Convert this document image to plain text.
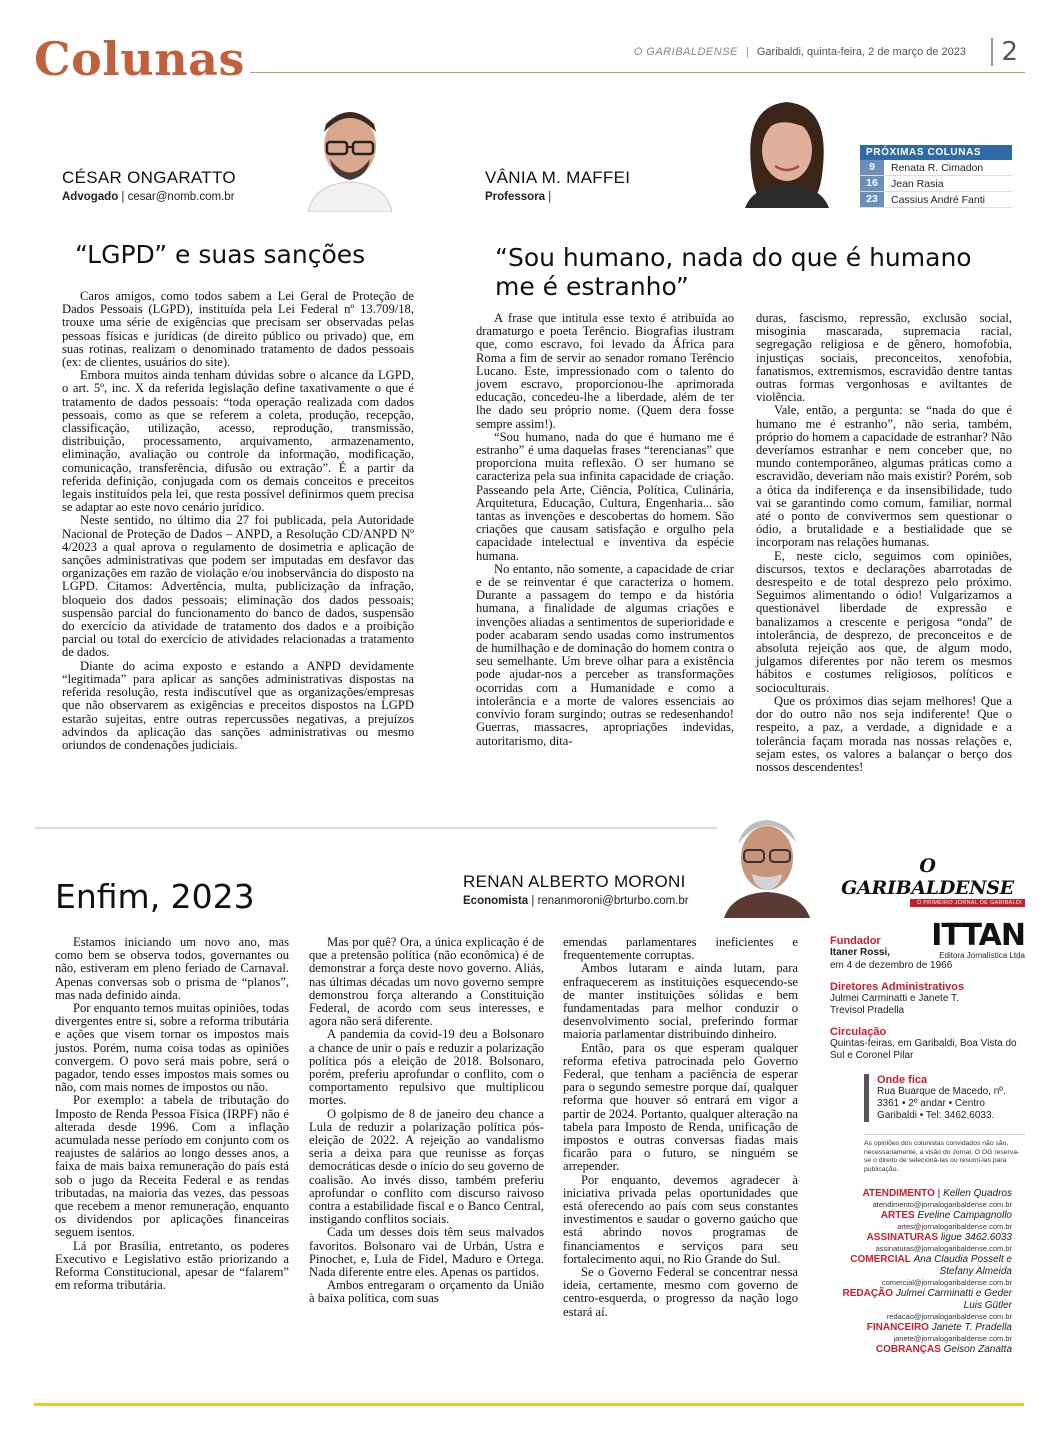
Colunas	O GARIBALDENSE | Garibaldi, quinta-feira, 2 de março de 2023	2
CÉSAR ONGARATTO
Advogado | cesar@nomb.com.br
“LGPD” e suas sanções

Caros amigos, como todos sabem a Lei Geral de Proteção de Dados Pessoais (LGPD), instituída pela Lei Federal nº 13.709/18, trouxe uma série de exigências que precisam ser observadas pelas pessoas físicas e jurídicas (de direito público ou privado) que, em suas rotinas, realizam o denominado tratamento de dados pessoais (ex: de clientes, usuários do site).

Embora muitos ainda tenham dúvidas sobre o alcance da LGPD, o art. 5º, inc. X da referida legislação define taxativamente o que é tratamento de dados pessoais: “toda operação realizada com dados pessoais, como as que se referem a coleta, produção, recepção, classificação, utilização, acesso, reprodução, transmissão, distribuição, processamento, arquivamento, armazenamento, eliminação, avaliação ou controle da informação, modificação, comunicação, transferência, difusão ou extração”. É a partir da referida definição, conjugada com os demais conceitos e preceitos legais instituídos pela lei, que resta possível definirmos quem precisa se adaptar ao este novo cenário jurídico.

Neste sentido, no último dia 27 foi publicada, pela Autoridade Nacional de Proteção de Dados – ANPD, a Resolução CD/ANPD Nº 4/2023 a qual aprova o regulamento de dosimetria e aplicação de sanções administrativas que podem ser imputadas em desfavor das organizações em razão de violação e/ou inobservância do disposto na LGPD. Citamos: Advertência, multa, publicização da infração, bloqueio dos dados pessoais; eliminação dos dados pessoais; suspensão parcial do funcionamento do banco de dados, suspensão do exercício da atividade de tratamento dos dados e a proibição parcial ou total do exercício de atividades relacionadas a tratamento de dados.

Diante do acima exposto e estando a ANPD devidamente “legitimada” para aplicar as sanções administrativas dispostas na referida resolução, resta indiscutível que as organizações/empresas que não observarem as exigências e preceitos dispostos na LGPD estarão sujeitas, entre outras repercussões negativas, a prejuízos advindos da aplicação das sanções administrativas ou mesmo oriundos de condenações judiciais.

VÂNIA M. MAFFEI
Professora |
“Sou humano, nada do que é humano
me é estranho”

A frase que intitula esse texto é atribuída ao dramaturgo e poeta Terêncio. Biografias ilustram que, como escravo, foi levado da África para Roma a fim de servir ao senador romano Terêncio Lucano. Este, impressionado com o talento do jovem escravo, proporcionou-lhe aprimorada educação, concedeu-lhe a liberdade, além de ter lhe dado seu próprio nome. (Quem dera fosse sempre assim!).

“Sou humano, nada do que é humano me é estranho” é uma daquelas frases “terencianas” que proporciona muita reflexão. O ser humano se caracteriza pela sua infinita capacidade de criação. Passeando pela Arte, Ciência, Política, Culinária, Arquitetura, Educação, Cultura, Engenharia... são tantas as invenções e descobertas do homem. São criações que causam satisfação e orgulho pela capacidade intelectual e inventiva da espécie humana.

No entanto, não somente, a capacidade de criar e de se reinventar é que caracteriza o homem. Durante a passagem do tempo e da história humana, a finalidade de algumas criações e invenções aliadas a sentimentos de superioridade e poder acabaram sendo usadas como instrumentos de humilhação e de dominação do homem contra o seu semelhante. Um breve olhar para a existência pode ajudar-nos a perceber as transformações ocorridas com a Humanidade e como a intolerância e a morte de valores essenciais ao convívio foram surgindo; outras se redesenhando! Guerras, massacres, apropriações indevidas, autoritarismo, dita-

duras, fascismo, repressão, exclusão social, misoginia mascarada, supremacia racial, segregação religiosa e de gênero, homofobia, injustiças sociais, preconceitos, xenofobia, fanatismos, extremismos, escravidão dentre tantas outras formas vergonhosas e aviltantes de violência.

Vale, então, a pergunta: se “nada do que é humano me é estranho”, não seria, também, próprio do homem a capacidade de estranhar? Não deveríamos estranhar e nem conceber que, no mundo contemporâneo, algumas práticas como a escravidão, deveriam não mais existir? Porém, sob a ótica da indiferença e da insensibilidade, tudo vai se garantindo como comum, familiar, normal até o ponto de convivermos sem questionar o ódio, a brutalidade e a bestialidade que se incorporam nas relações humanas.

E, neste ciclo, seguimos com opiniões, discursos, textos e declarações abarrotadas de desrespeito e de total desprezo pelo próximo. Seguimos alimentando o ódio! Vulgarizamos a questionável liberdade de expressão e banalizamos a crescente e perigosa “onda” de intolerância, de desprezo, de preconceitos e de absoluta rejeição aos que, de algum modo, julgamos diferentes por não terem os mesmos hábitos e costumes religiosos, políticos e socioculturais.

Que os próximos dias sejam melhores! Que a dor do outro não nos seja indiferente! Que o respeito, a paz, a verdade, a dignidade e a tolerância façam morada nas nossas relações e, sejam estes, os valores a balançar o berço dos nossos descendentes!

PRÓXIMAS COLUNAS
9	Renata R. Cimadon
16	Jean Rasia
23	Cassius André Fanti
RENAN ALBERTO MORONI
Economista | renanmoroni@brturbo.com.br
Enfim, 2023

Estamos iniciando um novo ano, mas como bem se observa todos, governantes ou não, estiveram em pleno feriado de Carnaval. Apenas conversas sob o prisma de “planos”, mas nada definido ainda.

Por enquanto temos muitas opiniões, todas divergentes entre si, sobre a reforma tributária e ações que visem tornar os impostos mais justos. Porém, numa coisa todas as opiniões convergem. O povo será mais pobre, será o pagador, tendo esses impostos mais somes ou não, com mais nomes de impostos ou não.

Por exemplo: a tabela de tributação do Imposto de Renda Pessoa Física (IRPF) não é alterada desde 1996. Com a inflação acumulada nesse período em conjunto com os reajustes de salários ao longo desses anos, a faixa de mais baixa remuneração do país está sob o jugo da Receita Federal e as rendas tributadas, na maioria das vezes, das pessoas que recebem a menor remuneração, enquanto os dividendos por aplicações financeiras seguem isentos.

Lá por Brasília, entretanto, os poderes Executivo e Legislativo estão priorizando a Reforma Constitucional, apesar de “falarem” em reforma tributária.

Mas por quê? Ora, a única explicação é de que a pretensão política (não econômica) é de demonstrar a força deste novo governo. Aliás, nas últimas décadas um novo governo sempre demonstrou força alterando a Constituição Federal, de acordo com seus interesses, e agora não será diferente.

A pandemia da covid-19 deu a Bolsonaro a chance de unir o país e reduzir a polarização política pós a eleição de 2018. Bolsonaro, porém, preferiu aprofundar o conflito, com o comportamento repulsivo que multiplicou mortes.

O golpismo de 8 de janeiro deu chance a Lula de reduzir a polarização política pós-eleição de 2022. A rejeição ao vandalismo seria a deixa para que reunisse as forças democráticas desde o início do seu governo de coalisão. Ao invés disso, também preferiu aprofundar o conflito com discurso raivoso contra a estabilidade fiscal e o Banco Central, instigando conflitos sociais.

Cada um desses dois têm seus malvados favoritos. Bolsonaro vai de Urbán, Ustra e Pinochet, e, Lula de Fidel, Maduro e Ortega. Nada diferente entre eles. Apenas os partidos.

Ambos entregaram o orçamento da União à baixa política, com suas

emendas parlamentares ineficientes e frequentemente corruptas.

Ambos lutaram e ainda lutam, para enfraquecerem as instituições esquecendo-se de manter instituições sólidas e bem fundamentadas para melhor conduzir o desenvolvimento social, preferindo formar maioria parlamentar distribuindo dinheiro.

Então, para os que esperam qualquer reforma efetiva patrocinada pelo Governo Federal, que tenham a paciência de esperar para o segundo semestre porque daí, qualquer reforma que houver só entrará em vigor a partir de 2024. Portanto, qualquer alteração na tabela para Imposto de Renda, unificação de impostos e outras conversas fiadas mais ficarão para o futuro, se ninguém se arrepender.

Por enquanto, devemos agradecer à iniciativa privada pelas oportunidades que está oferecendo ao país com seus constantes investimentos e saudar o governo gaúcho que está abrindo novos programas de financiamentos e serviços para seu fortalecimento aqui, no Rio Grande do Sul.

Se o Governo Federal se concentrar nessa ideia, certamente, mesmo com governo de centro-esquerda, o progresso da nação logo estará aí.

O GARIBALDENSE
O PRIMEIRO JORNAL DE GARIBALDI
Fundador
Itaner Rossi,	ITTAN
Editora Jornalística Ltda
em 4 de dezembro de 1966
Diretores Administrativos
Julmei Carminatti e Janete T. Trevisol Pradella
Circulação
Quintas-feiras, em Garibaldi, Boa Vista do Sul e Coronel Pilar
Onde fica
Rua Buarque de Macedo, nº. 3361 • 2º andar • Centro Garibaldi • Tel: 3462.6033.
As opiniões dos colunistas convidados não são, necessariamente, a visão do Jornal. O OG reserva-se o direito de selecioná-las ou resumi-las para publicação.
ATENDIMENTO | Kellen Quadros
atendimento@jornalogaribaldense.com.br
ARTES Eveline Campagnollo
artes@jornalogaribaldense.com.br
ASSINATURAS ligue 3462.6033
assinaturas@jornalogaribaldense.com.br
COMERCIAL Ana Claudia Posselt e Stefany Almeida
comercial@jornalogaribaldense.com.br
REDAÇÃO Julmei Carminatti e Geder Luis Gütler
redacao@jornalogaribaldense.com.br
FINANCEIRO Janete T. Pradella
janete@jornalogaribaldense.com.br
COBRANÇAS Geison Zanatta
